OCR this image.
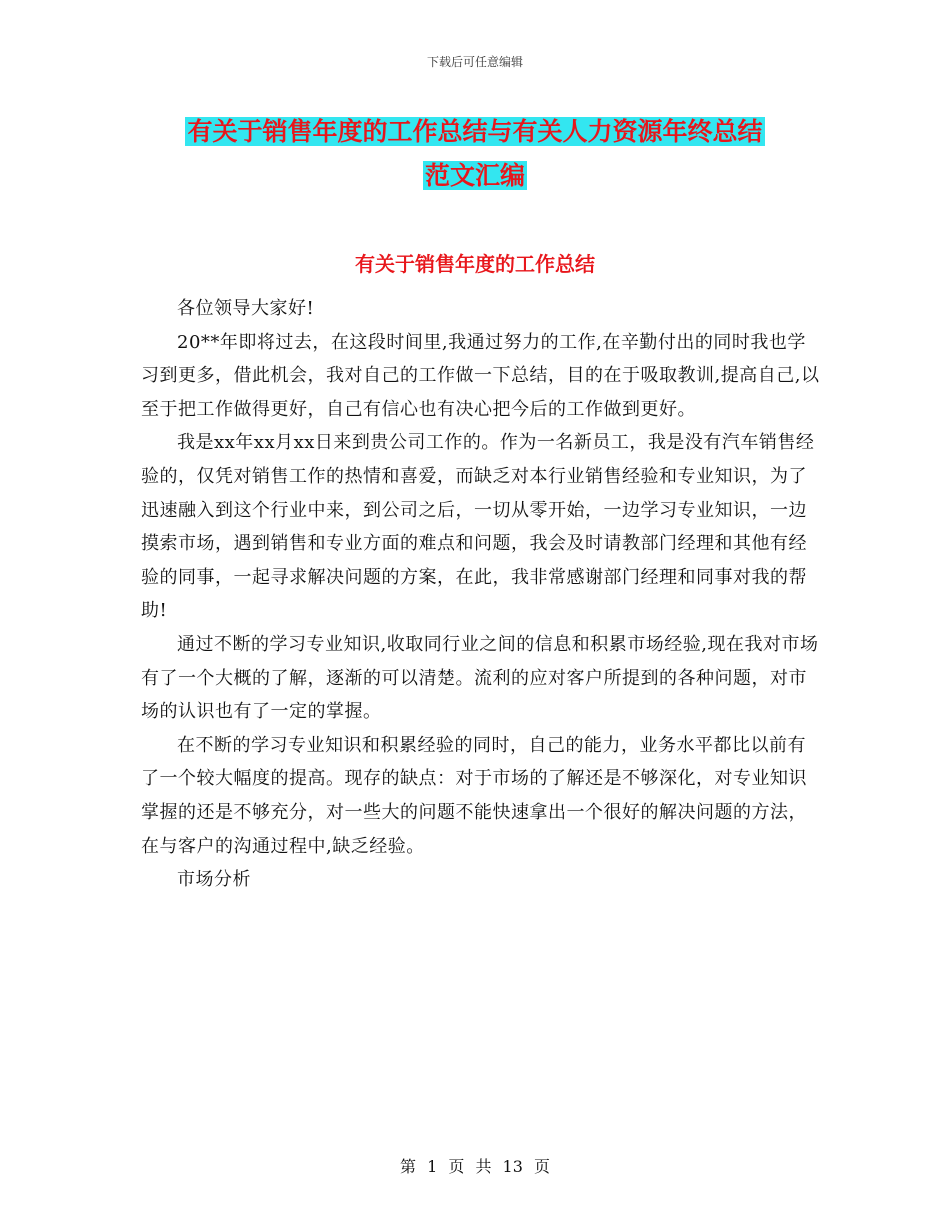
下载后可任意编辑
有关于销售年度的工作总结与有关人力资源年终总结
范文汇编
有关于销售年度的工作总结

各位领导大家好!

20**年即将过去，在这段时间里,我通过努力的工作,在辛勤付出的同时我也学习到更多，借此机会，我对自己的工作做一下总结，目的在于吸取教训,提高自己,以至于把工作做得更好，自己有信心也有决心把今后的工作做到更好。

我是xx年xx月xx日来到贵公司工作的。作为一名新员工，我是没有汽车销售经验的，仅凭对销售工作的热情和喜爱，而缺乏对本行业销售经验和专业知识，为了迅速融入到这个行业中来，到公司之后，一切从零开始，一边学习专业知识，一边摸索市场，遇到销售和专业方面的难点和问题，我会及时请教部门经理和其他有经验的同事，一起寻求解决问题的方案，在此，我非常感谢部门经理和同事对我的帮助!

通过不断的学习专业知识,收取同行业之间的信息和积累市场经验,现在我对市场有了一个大概的了解，逐渐的可以清楚。流利的应对客户所提到的各种问题，对市场的认识也有了一定的掌握。

在不断的学习专业知识和积累经验的同时，自己的能力，业务水平都比以前有了一个较大幅度的提高。现存的缺点：对于市场的了解还是不够深化，对专业知识掌握的还是不够充分，对一些大的问题不能快速拿出一个很好的解决问题的方法，在与客户的沟通过程中,缺乏经验。

市场分析

第 1 页 共 13 页
